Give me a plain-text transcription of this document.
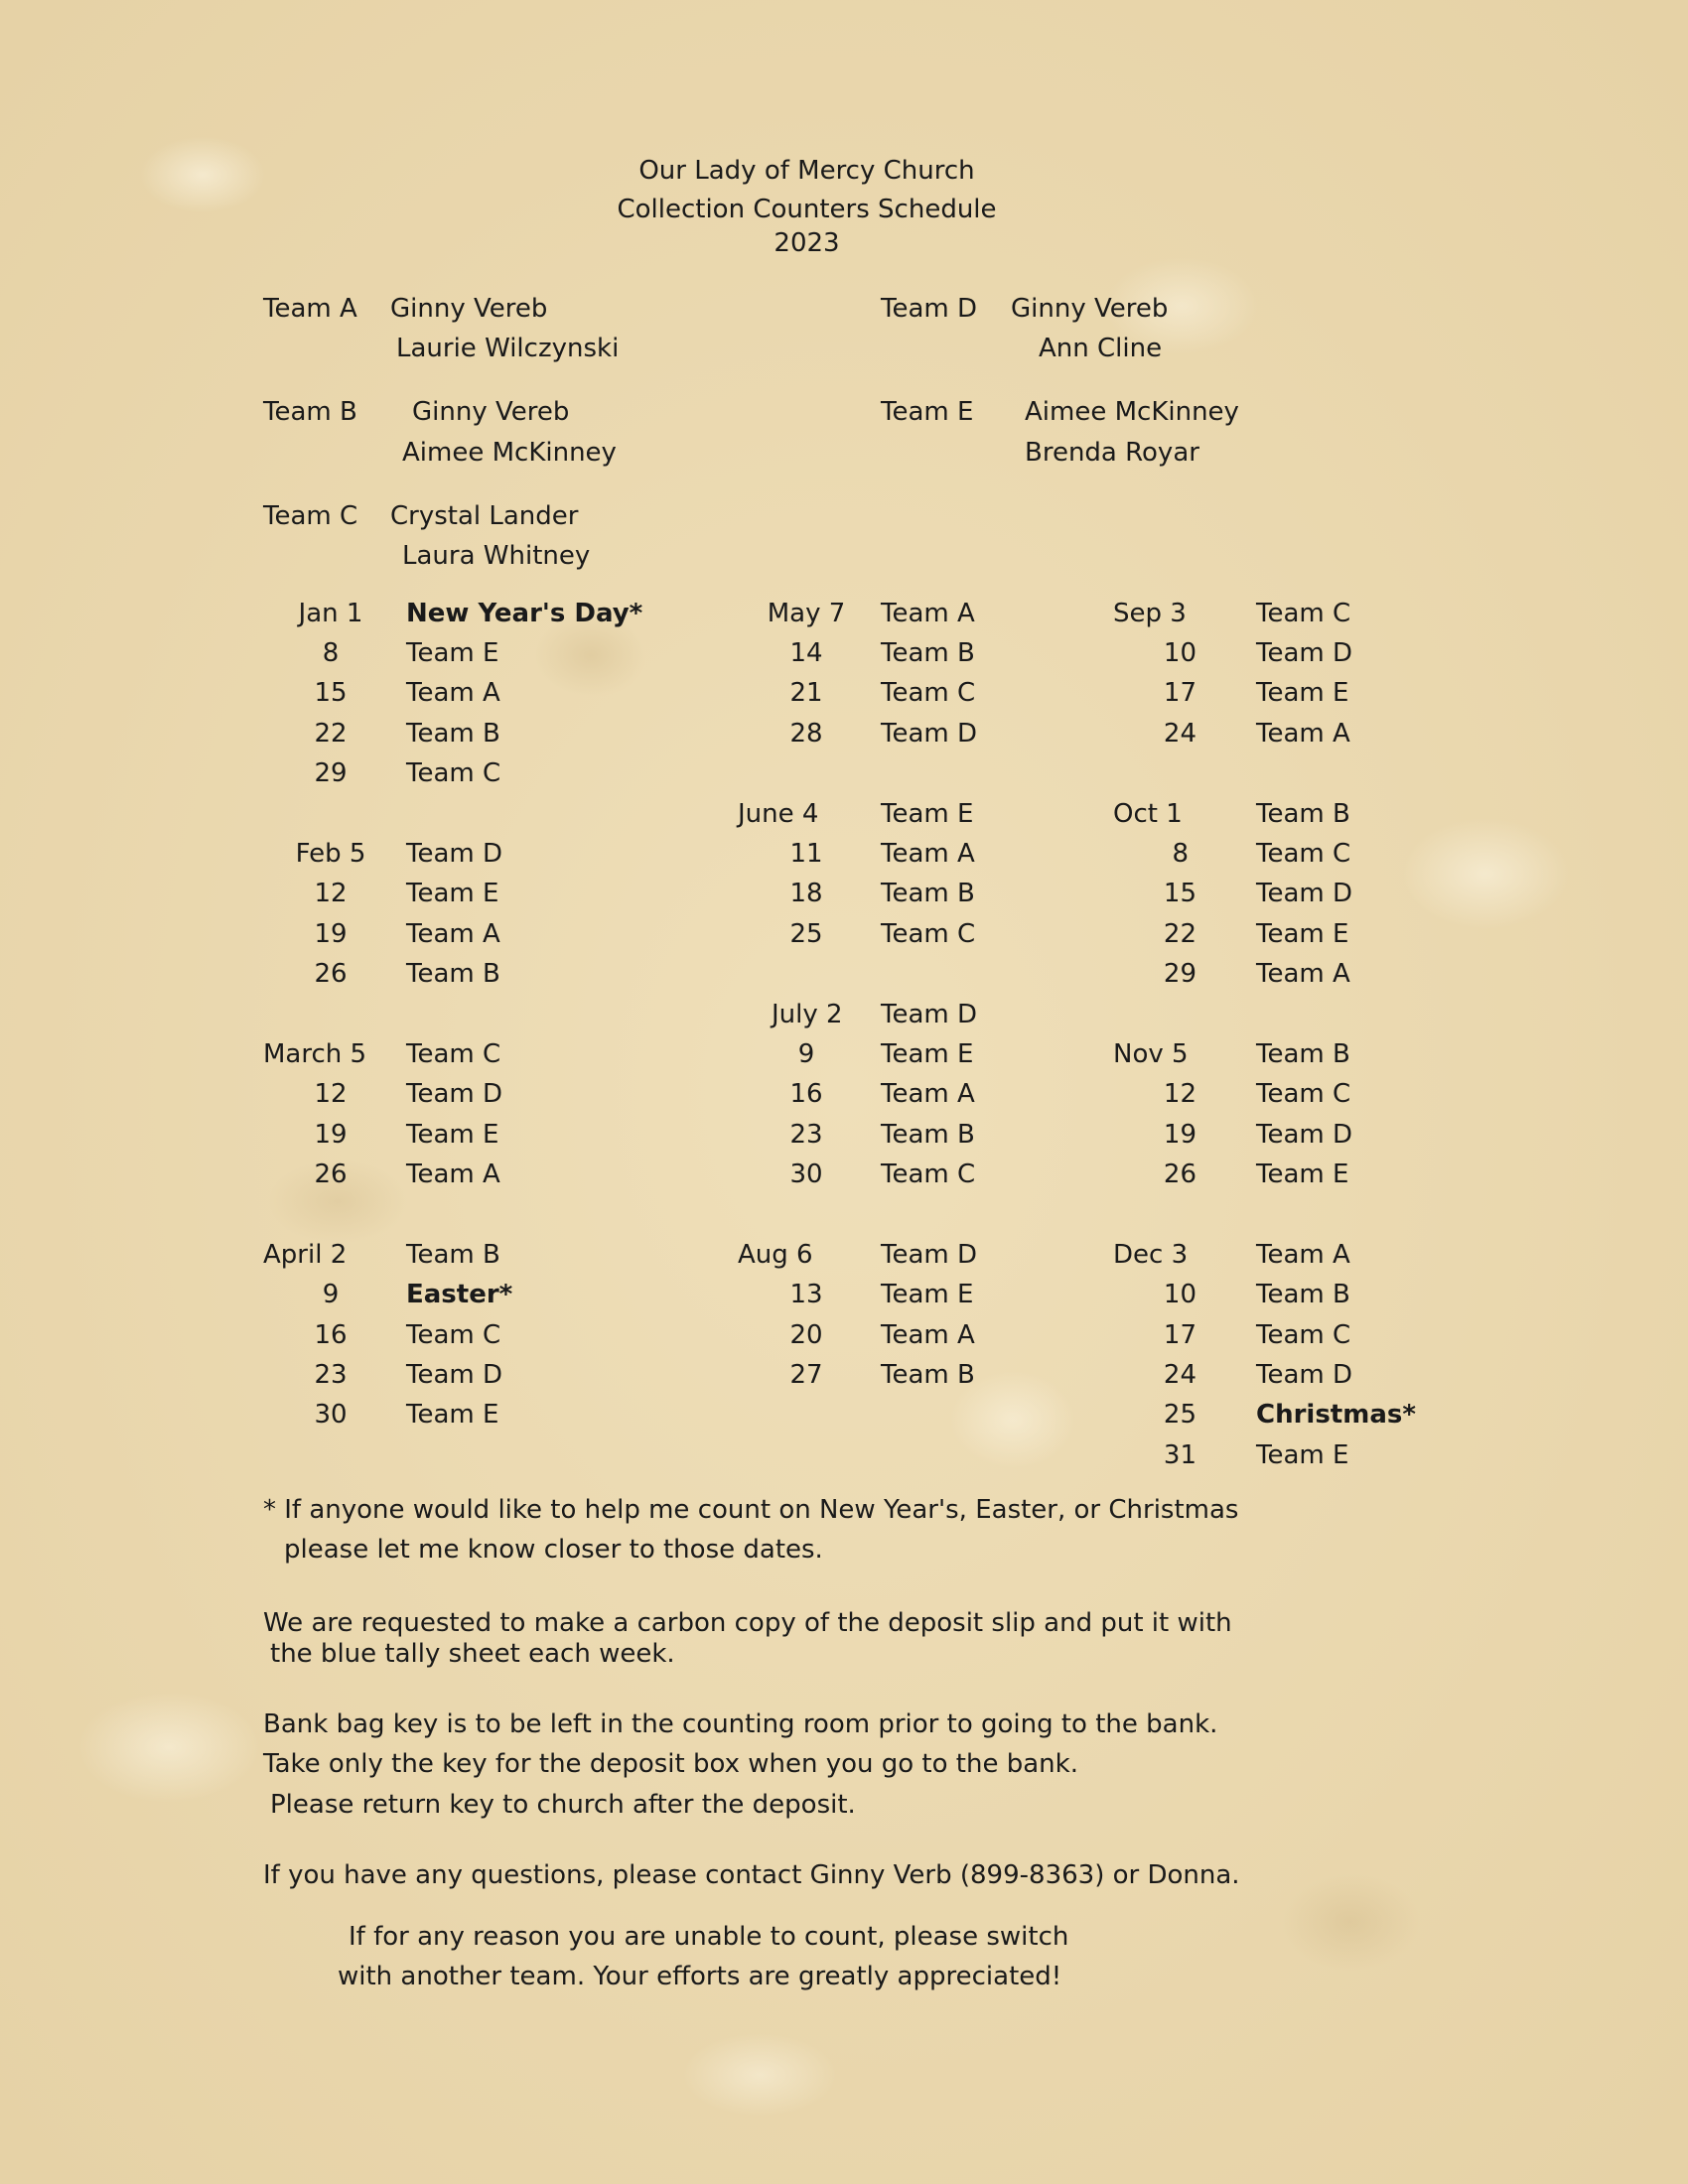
Our Lady of Mercy Church
Collection Counters Schedule
2023
Team A Ginny Vereb
Laurie Wilczynski
Team B Ginny Vereb
Aimee McKinney
Team C Crystal Lander
Laura Whitney
Team D Ginny Vereb
Ann Cline
Team E Aimee McKinney
Brenda Royar
Jan 1	New Year's Day*
8	Team E
15	Team A
22	Team B
29	Team C
Feb 5	Team D
12	Team E
19	Team A
26	Team B
March 5 Team C
12	Team D
19	Team E
26	Team A
April 2 Team B
9	Easter*
16	Team C
23	Team D
30	Team E
May 7	Team A
14	Team B
21	Team C
28	Team D
June 4 Team E
11	Team A
18	Team B
25	Team C
July 2 Team D
9	Team E
16	Team A
23	Team B
30	Team C
Aug 6	Team D
13	Team E
20	Team A
27	Team B
Sep 3	Team C
10 Team D
17 Team E
24 Team A
Oct 1	Team B
8	Team C
15 Team D
22 Team E
29 Team A
Nov 5	Team B
12 Team C
19 Team D
26 Team E
Dec 3	Team A
10 Team B
17 Team C
24 Team D
25 Christmas*
31 Team E
* If anyone would like to help me count on New Year's, Easter, or Christmas
please let me know closer to those dates.
We are requested to make a carbon copy of the deposit slip and put it with
the blue tally sheet each week.
Bank bag key is to be left in the counting room prior to going to the bank.
Take only the key for the deposit box when you go to the bank.
Please return key to church after the deposit.
If you have any questions, please contact Ginny Verb (899-8363) or Donna.
If for any reason you are unable to count, please switch
with another team. Your efforts are greatly appreciated!
